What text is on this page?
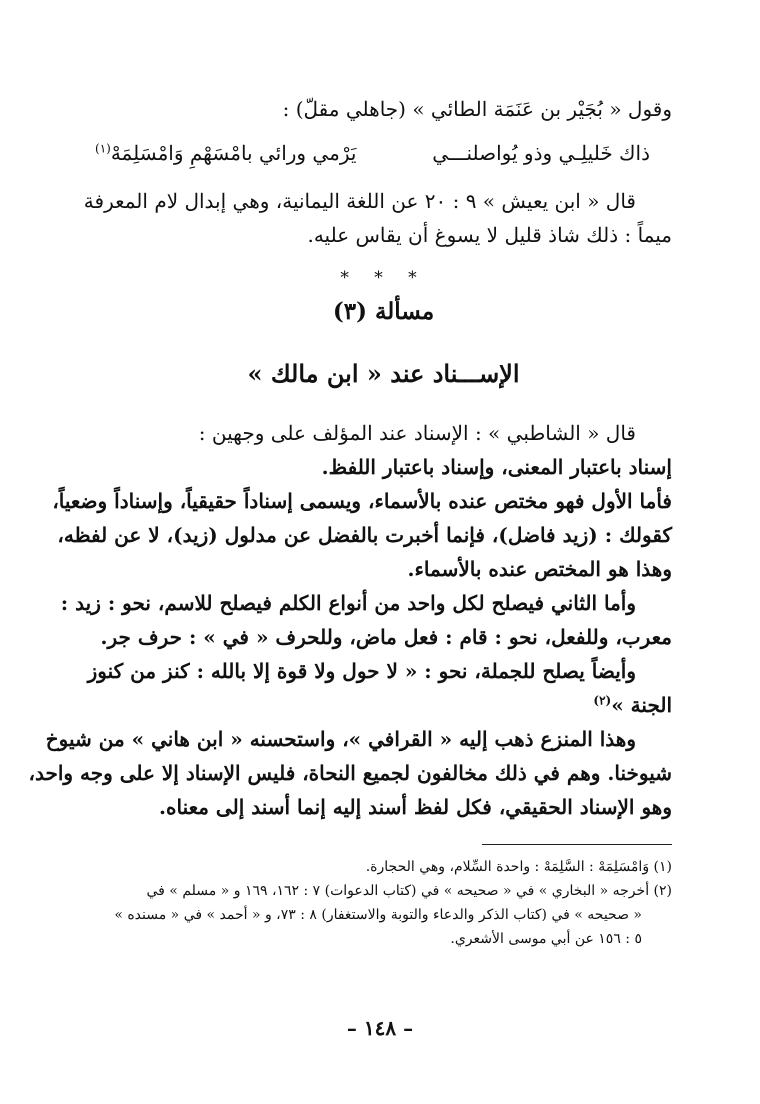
وقول « بُجَيْر بن عَنَمَة الطائي » (جاهلي مقلّ) :
ذاك خَليلِـي وذو يُواصلنـــي
يَرْمي ورائي بامْسَهْمِ وَامْسَلِمَهْ$^{(١)}$
قال « ابن يعيش » ٩ : ٢٠ عن اللغة اليمانية، وهي إبدال لام المعرفة
ميماً : ذلك شاذ قليل لا يسوغ أن يقاس عليه.
* * *
مسألة (٣)
الإســـناد عند « ابن مالك »
قال « الشاطبي » : الإسناد عند المؤلف على وجهين :
إسناد باعتبار المعنى، وإسناد باعتبار اللفظ.
فأما الأول فهو مختص عنده بالأسماء، ويسمى إسناداً حقيقياً، وإسناداً وضعياً،
كقولك : (زيد فاضل)، فإنما أخبرت بالفضل عن مدلول (زيد)، لا عن لفظه،
وهذا هو المختص عنده بالأسماء.
وأما الثاني فيصلح لكل واحد من أنواع الكلم فيصلح للاسم، نحو : زيد :
معرب، وللفعل، نحو : قام : فعل ماض، وللحرف « في » : حرف جر.
وأيضاً يصلح للجملة، نحو : « لا حول ولا قوة إلا بالله : كنز من كنوز
الجنة »$^{(٢)}$
وهذا المنزع ذهب إليه « القرافي »، واستحسنه « ابن هاني » من شيوخ
شيوخنا. وهم في ذلك مخالفون لجميع النحاة، فليس الإسناد إلا على وجه واحد،
وهو الإسناد الحقيقي، فكل لفظ أسند إليه إنما أسند إلى معناه.
(١) وَامْسَلِمَهْ : السَّلِمَهْ : واحدة السِّلام، وهي الحجارة.
(٢) أخرجه « البخاري » في « صحيحه » في (كتاب الدعوات) ٧ : ١٦٢، ١٦٩ و « مسلم » في
« صحيحه » في (كتاب الذكر والدعاء والتوبة والاستغفار) ٨ : ٧٣، و « أحمد » في « مسنده »
٥ : ١٥٦ عن أبي موسى الأشعري.
– ١٤٨ –
